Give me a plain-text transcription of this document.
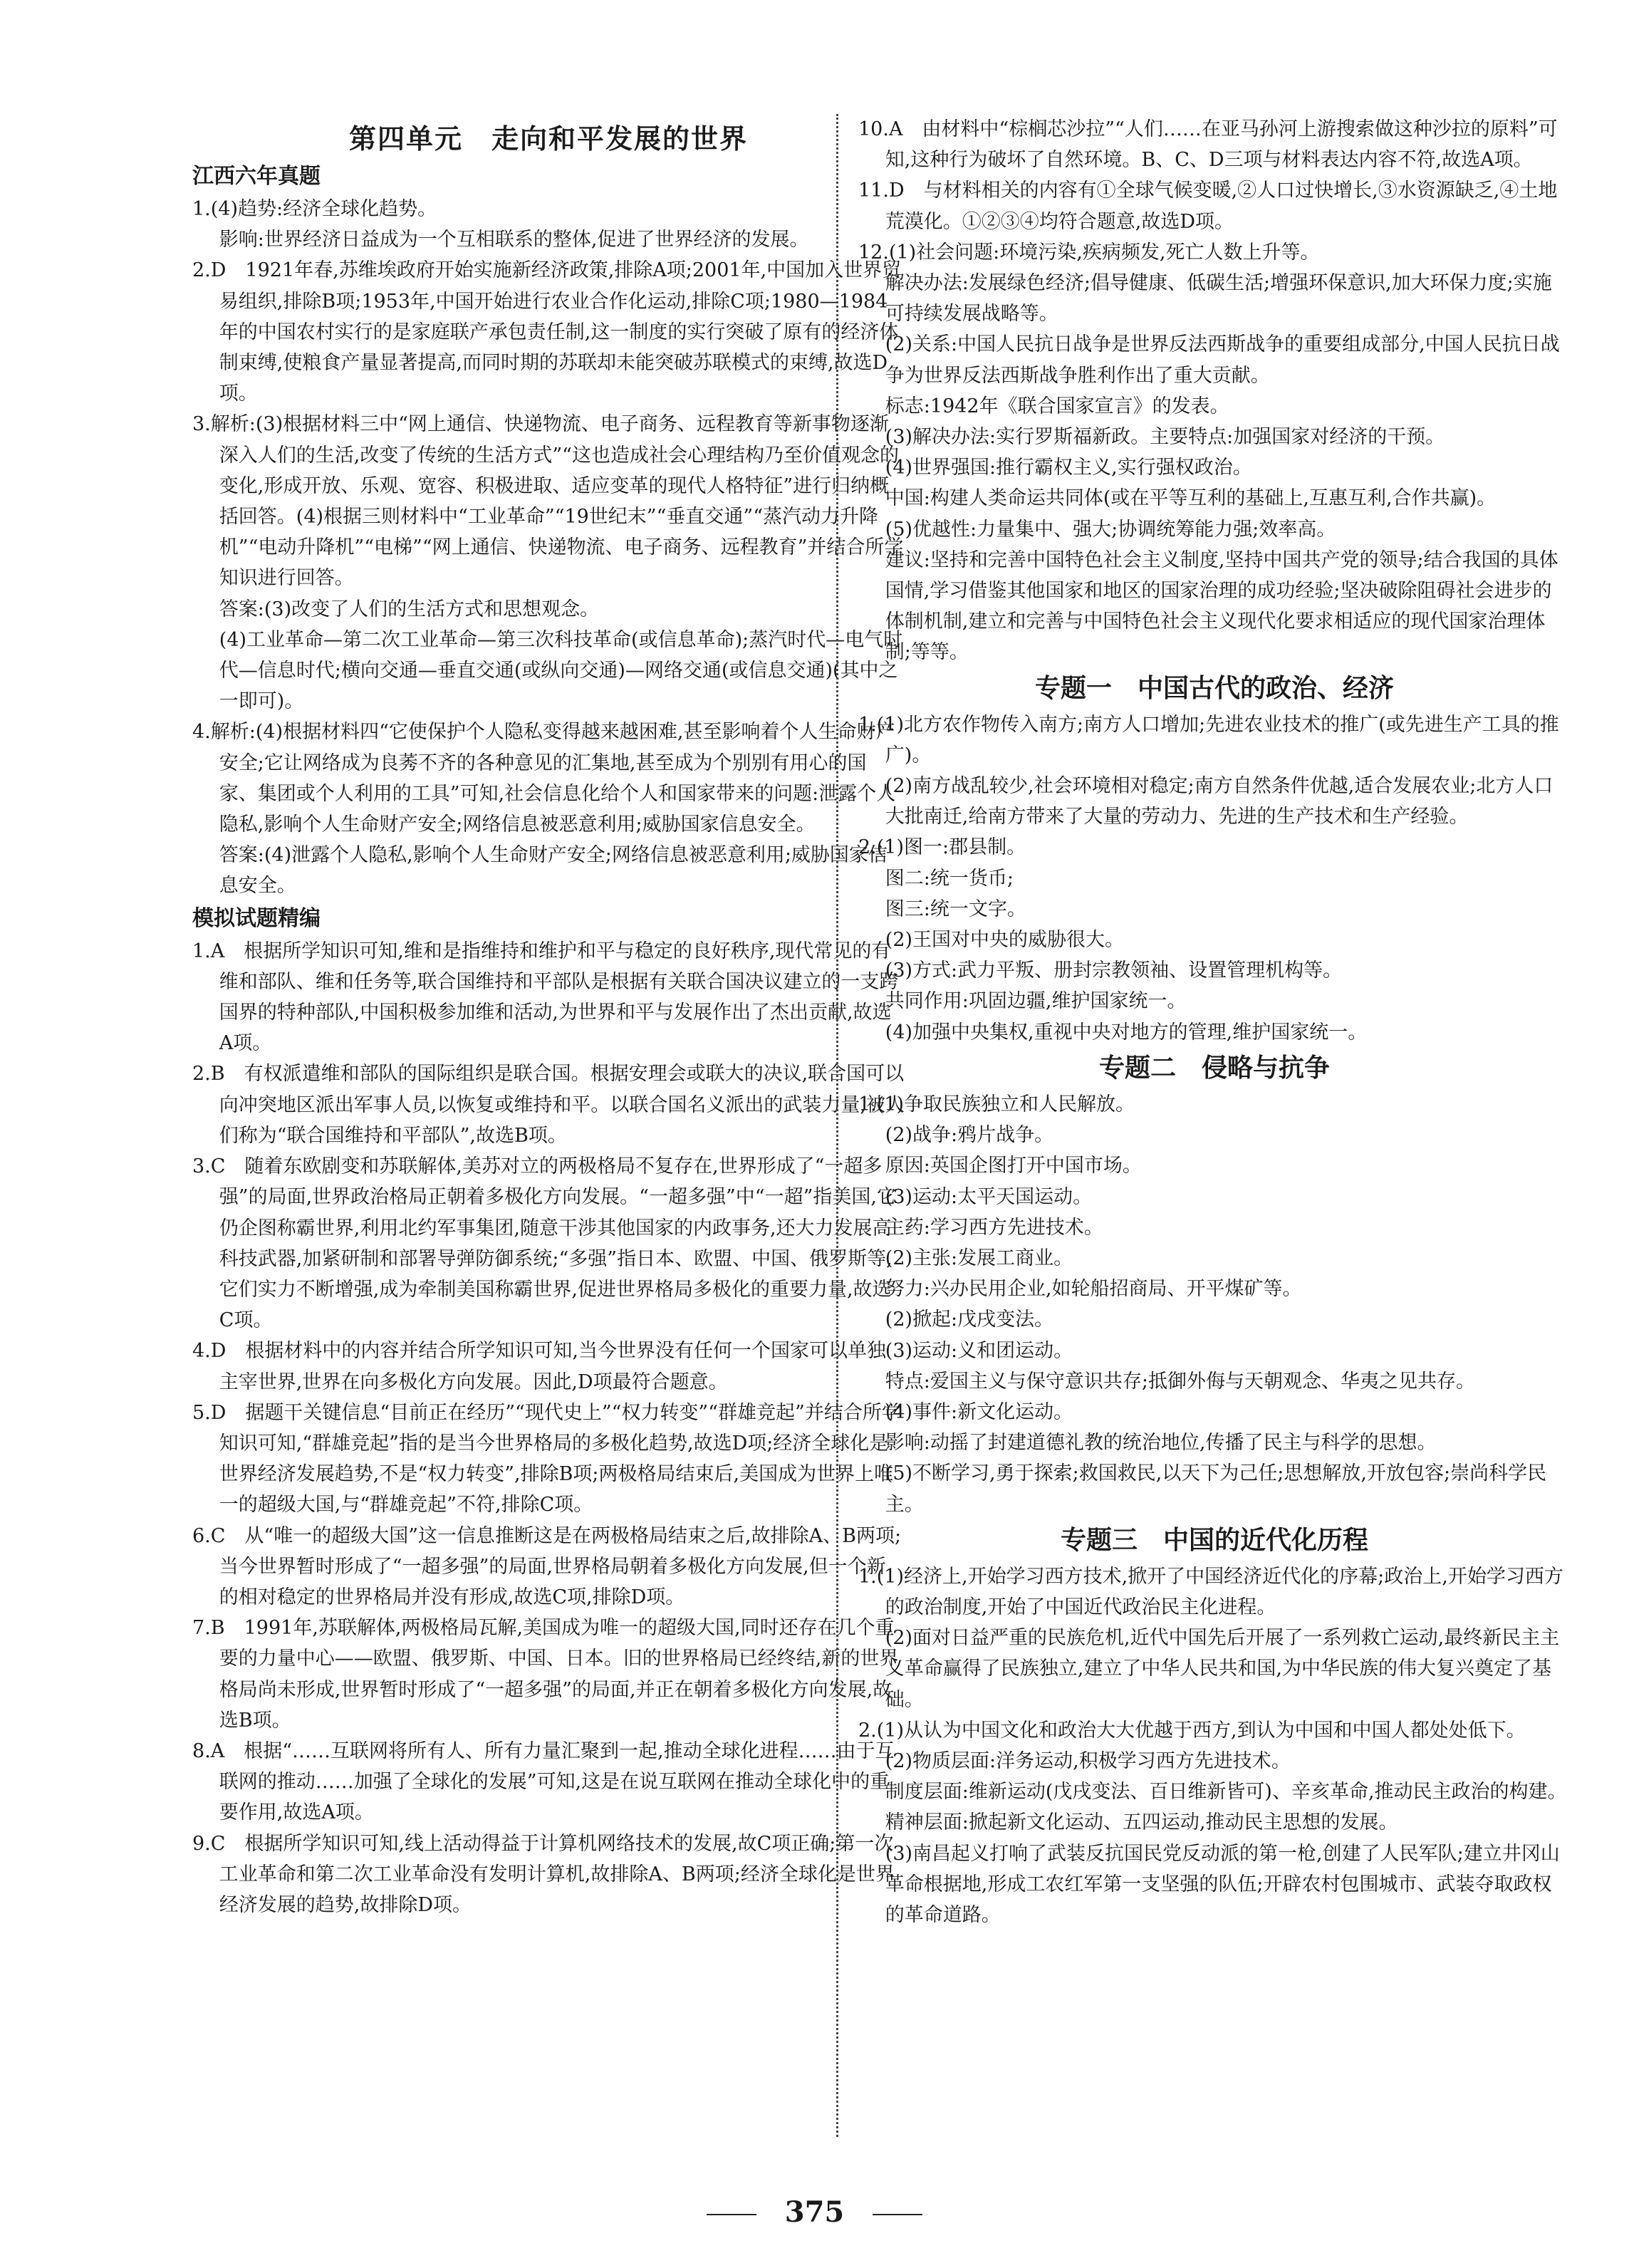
第四单元　走向和平发展的世界
江西六年真题
1.(4)趋势:经济全球化趋势。
影响:世界经济日益成为一个互相联系的整体,促进了世界经济的发展。
2.D　1921年春,苏维埃政府开始实施新经济政策,排除A项;2001年,中国加入世界贸易组织,排除B项;1953年,中国开始进行农业合作化运动,排除C项;1980—1984年的中国农村实行的是家庭联产承包责任制,这一制度的实行突破了原有的经济体制束缚,使粮食产量显著提高,而同时期的苏联却未能突破苏联模式的束缚,故选D项。
3.解析:(3)根据材料三中“网上通信、快递物流、电子商务、远程教育等新事物逐渐深入人们的生活,改变了传统的生活方式”“这也造成社会心理结构乃至价值观念的变化,形成开放、乐观、宽容、积极进取、适应变革的现代人格特征”进行归纳概括回答。(4)根据三则材料中“工业革命”“19世纪末”“垂直交通”“蒸汽动力升降机”“电动升降机”“电梯”“网上通信、快递物流、电子商务、远程教育”并结合所学知识进行回答。
答案:(3)改变了人们的生活方式和思想观念。
(4)工业革命—第二次工业革命—第三次科技革命(或信息革命);蒸汽时代—电气时代—信息时代;横向交通—垂直交通(或纵向交通)—网络交通(或信息交通)(其中之一即可)。
4.解析:(4)根据材料四“它使保护个人隐私变得越来越困难,甚至影响着个人生命财产安全;它让网络成为良莠不齐的各种意见的汇集地,甚至成为个别别有用心的国家、集团或个人利用的工具”可知,社会信息化给个人和国家带来的问题:泄露个人隐私,影响个人生命财产安全;网络信息被恶意利用;威胁国家信息安全。
答案:(4)泄露个人隐私,影响个人生命财产安全;网络信息被恶意利用;威胁国家信息安全。
模拟试题精编
1.A　根据所学知识可知,维和是指维持和维护和平与稳定的良好秩序,现代常见的有维和部队、维和任务等,联合国维持和平部队是根据有关联合国决议建立的一支跨国界的特种部队,中国积极参加维和活动,为世界和平与发展作出了杰出贡献,故选A项。
2.B　有权派遣维和部队的国际组织是联合国。根据安理会或联大的决议,联合国可以向冲突地区派出军事人员,以恢复或维持和平。以联合国名义派出的武装力量,被人们称为“联合国维持和平部队”,故选B项。
3.C　随着东欧剧变和苏联解体,美苏对立的两极格局不复存在,世界形成了“一超多强”的局面,世界政治格局正朝着多极化方向发展。“一超多强”中“一超”指美国,它仍企图称霸世界,利用北约军事集团,随意干涉其他国家的内政事务,还大力发展高科技武器,加紧研制和部署导弹防御系统;“多强”指日本、欧盟、中国、俄罗斯等,它们实力不断增强,成为牵制美国称霸世界,促进世界格局多极化的重要力量,故选C项。
4.D　根据材料中的内容并结合所学知识可知,当今世界没有任何一个国家可以单独主宰世界,世界在向多极化方向发展。因此,D项最符合题意。
5.D　据题干关键信息“目前正在经历”“现代史上”“权力转变”“群雄竞起”并结合所学知识可知,“群雄竞起”指的是当今世界格局的多极化趋势,故选D项;经济全球化是世界经济发展趋势,不是“权力转变”,排除B项;两极格局结束后,美国成为世界上唯一的超级大国,与“群雄竞起”不符,排除C项。
6.C　从“唯一的超级大国”这一信息推断这是在两极格局结束之后,故排除A、B两项;当今世界暂时形成了“一超多强”的局面,世界格局朝着多极化方向发展,但一个新的相对稳定的世界格局并没有形成,故选C项,排除D项。
7.B　1991年,苏联解体,两极格局瓦解,美国成为唯一的超级大国,同时还存在几个重要的力量中心——欧盟、俄罗斯、中国、日本。旧的世界格局已经终结,新的世界格局尚未形成,世界暂时形成了“一超多强”的局面,并正在朝着多极化方向发展,故选B项。
8.A　根据“……互联网将所有人、所有力量汇聚到一起,推动全球化进程……由于互联网的推动……加强了全球化的发展”可知,这是在说互联网在推动全球化中的重要作用,故选A项。
9.C　根据所学知识可知,线上活动得益于计算机网络技术的发展,故C项正确;第一次工业革命和第二次工业革命没有发明计算机,故排除A、B两项;经济全球化是世界经济发展的趋势,故排除D项。
10.A　由材料中“棕榈芯沙拉”“人们……在亚马孙河上游搜索做这种沙拉的原料”可知,这种行为破坏了自然环境。B、C、D三项与材料表达内容不符,故选A项。
11.D　与材料相关的内容有①全球气候变暖,②人口过快增长,③水资源缺乏,④土地荒漠化。①②③④均符合题意,故选D项。
12.(1)社会问题:环境污染,疾病频发,死亡人数上升等。
解决办法:发展绿色经济;倡导健康、低碳生活;增强环保意识,加大环保力度;实施可持续发展战略等。
(2)关系:中国人民抗日战争是世界反法西斯战争的重要组成部分,中国人民抗日战争为世界反法西斯战争胜利作出了重大贡献。
标志:1942年《联合国家宣言》的发表。
(3)解决办法:实行罗斯福新政。主要特点:加强国家对经济的干预。
(4)世界强国:推行霸权主义,实行强权政治。
中国:构建人类命运共同体(或在平等互利的基础上,互惠互利,合作共赢)。
(5)优越性:力量集中、强大;协调统筹能力强;效率高。
建议:坚持和完善中国特色社会主义制度,坚持中国共产党的领导;结合我国的具体国情,学习借鉴其他国家和地区的国家治理的成功经验;坚决破除阻碍社会进步的体制机制,建立和完善与中国特色社会主义现代化要求相适应的现代国家治理体制;等等。
专题一　中国古代的政治、经济
1.(1)北方农作物传入南方;南方人口增加;先进农业技术的推广(或先进生产工具的推广)。
(2)南方战乱较少,社会环境相对稳定;南方自然条件优越,适合发展农业;北方人口大批南迁,给南方带来了大量的劳动力、先进的生产技术和生产经验。
2.(1)图一:郡县制。
图二:统一货币;
图三:统一文字。
(2)王国对中央的威胁很大。
(3)方式:武力平叛、册封宗教领袖、设置管理机构等。
共同作用:巩固边疆,维护国家统一。
(4)加强中央集权,重视中央对地方的管理,维护国家统一。
专题二　侵略与抗争
1.(1)争取民族独立和人民解放。
(2)战争:鸦片战争。
原因:英国企图打开中国市场。
(3)运动:太平天国运动。
主药:学习西方先进技术。
(2)主张:发展工商业。
努力:兴办民用企业,如轮船招商局、开平煤矿等。
(2)掀起:戊戌变法。
(3)运动:义和团运动。
特点:爱国主义与保守意识共存;抵御外侮与天朝观念、华夷之见共存。
(4)事件:新文化运动。
影响:动摇了封建道德礼教的统治地位,传播了民主与科学的思想。
(5)不断学习,勇于探索;救国救民,以天下为己任;思想解放,开放包容;崇尚科学民主。
专题三　中国的近代化历程
1.(1)经济上,开始学习西方技术,掀开了中国经济近代化的序幕;政治上,开始学习西方的政治制度,开始了中国近代政治民主化进程。
(2)面对日益严重的民族危机,近代中国先后开展了一系列救亡运动,最终新民主主义革命赢得了民族独立,建立了中华人民共和国,为中华民族的伟大复兴奠定了基础。
2.(1)从认为中国文化和政治大大优越于西方,到认为中国和中国人都处处低下。
(2)物质层面:洋务运动,积极学习西方先进技术。
制度层面:维新运动(戊戌变法、百日维新皆可)、辛亥革命,推动民主政治的构建。
精神层面:掀起新文化运动、五四运动,推动民主思想的发展。
(3)南昌起义打响了武装反抗国民党反动派的第一枪,创建了人民军队;建立井冈山革命根据地,形成工农红军第一支坚强的队伍;开辟农村包围城市、武装夺取政权的革命道路。
375
